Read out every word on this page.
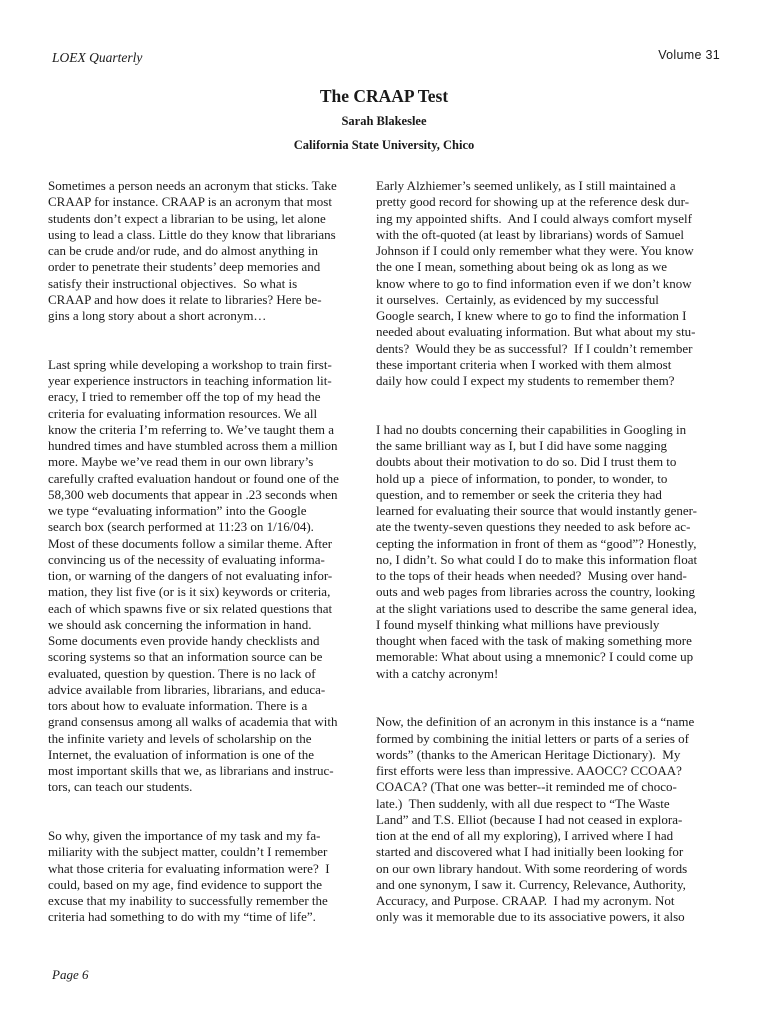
LOEX Quarterly	Volume 31
The CRAAP Test
Sarah Blakeslee
California State University, Chico
Sometimes a person needs an acronym that sticks. Take
CRAAP for instance. CRAAP is an acronym that most
students don’t expect a librarian to be using, let alone
using to lead a class. Little do they know that librarians
can be crude and/or rude, and do almost anything in
order to penetrate their students’ deep memories and
satisfy their instructional objectives.  So what is
CRAAP and how does it relate to libraries? Here be-
gins a long story about a short acronym…
Last spring while developing a workshop to train first-
year experience instructors in teaching information lit-
eracy, I tried to remember off the top of my head the
criteria for evaluating information resources. We all
know the criteria I’m referring to. We’ve taught them a
hundred times and have stumbled across them a million
more. Maybe we’ve read them in our own library’s
carefully crafted evaluation handout or found one of the
58,300 web documents that appear in .23 seconds when
we type “evaluating information” into the Google
search box (search performed at 11:23 on 1/16/04).
Most of these documents follow a similar theme. After
convincing us of the necessity of evaluating informa-
tion, or warning of the dangers of not evaluating infor-
mation, they list five (or is it six) keywords or criteria,
each of which spawns five or six related questions that
we should ask concerning the information in hand.
Some documents even provide handy checklists and
scoring systems so that an information source can be
evaluated, question by question. There is no lack of
advice available from libraries, librarians, and educa-
tors about how to evaluate information. There is a
grand consensus among all walks of academia that with
the infinite variety and levels of scholarship on the
Internet, the evaluation of information is one of the
most important skills that we, as librarians and instruc-
tors, can teach our students.
So why, given the importance of my task and my fa-
miliarity with the subject matter, couldn’t I remember
what those criteria for evaluating information were?  I
could, based on my age, find evidence to support the
excuse that my inability to successfully remember the
criteria had something to do with my “time of life”.
Early Alzhiemer’s seemed unlikely, as I still maintained a
pretty good record for showing up at the reference desk dur-
ing my appointed shifts.  And I could always comfort myself
with the oft-quoted (at least by librarians) words of Samuel
Johnson if I could only remember what they were. You know
the one I mean, something about being ok as long as we
know where to go to find information even if we don’t know
it ourselves.  Certainly, as evidenced by my successful
Google search, I knew where to go to find the information I
needed about evaluating information. But what about my stu-
dents?  Would they be as successful?  If I couldn’t remember
these important criteria when I worked with them almost
daily how could I expect my students to remember them?
I had no doubts concerning their capabilities in Googling in
the same brilliant way as I, but I did have some nagging
doubts about their motivation to do so. Did I trust them to
hold up a  piece of information, to ponder, to wonder, to
question, and to remember or seek the criteria they had
learned for evaluating their source that would instantly gener-
ate the twenty-seven questions they needed to ask before ac-
cepting the information in front of them as “good”? Honestly,
no, I didn’t. So what could I do to make this information float
to the tops of their heads when needed?  Musing over hand-
outs and web pages from libraries across the country, looking
at the slight variations used to describe the same general idea,
I found myself thinking what millions have previously
thought when faced with the task of making something more
memorable: What about using a mnemonic? I could come up
with a catchy acronym!
Now, the definition of an acronym in this instance is a “name
formed by combining the initial letters or parts of a series of
words” (thanks to the American Heritage Dictionary).  My
first efforts were less than impressive. AAOCC? CCOAA?
COACA? (That one was better--it reminded me of choco-
late.)  Then suddenly, with all due respect to “The Waste
Land” and T.S. Elliot (because I had not ceased in explora-
tion at the end of all my exploring), I arrived where I had
started and discovered what I had initially been looking for
on our own library handout. With some reordering of words
and one synonym, I saw it. Currency, Relevance, Authority,
Accuracy, and Purpose. CRAAP.  I had my acronym. Not
only was it memorable due to its associative powers, it also
Page 6
